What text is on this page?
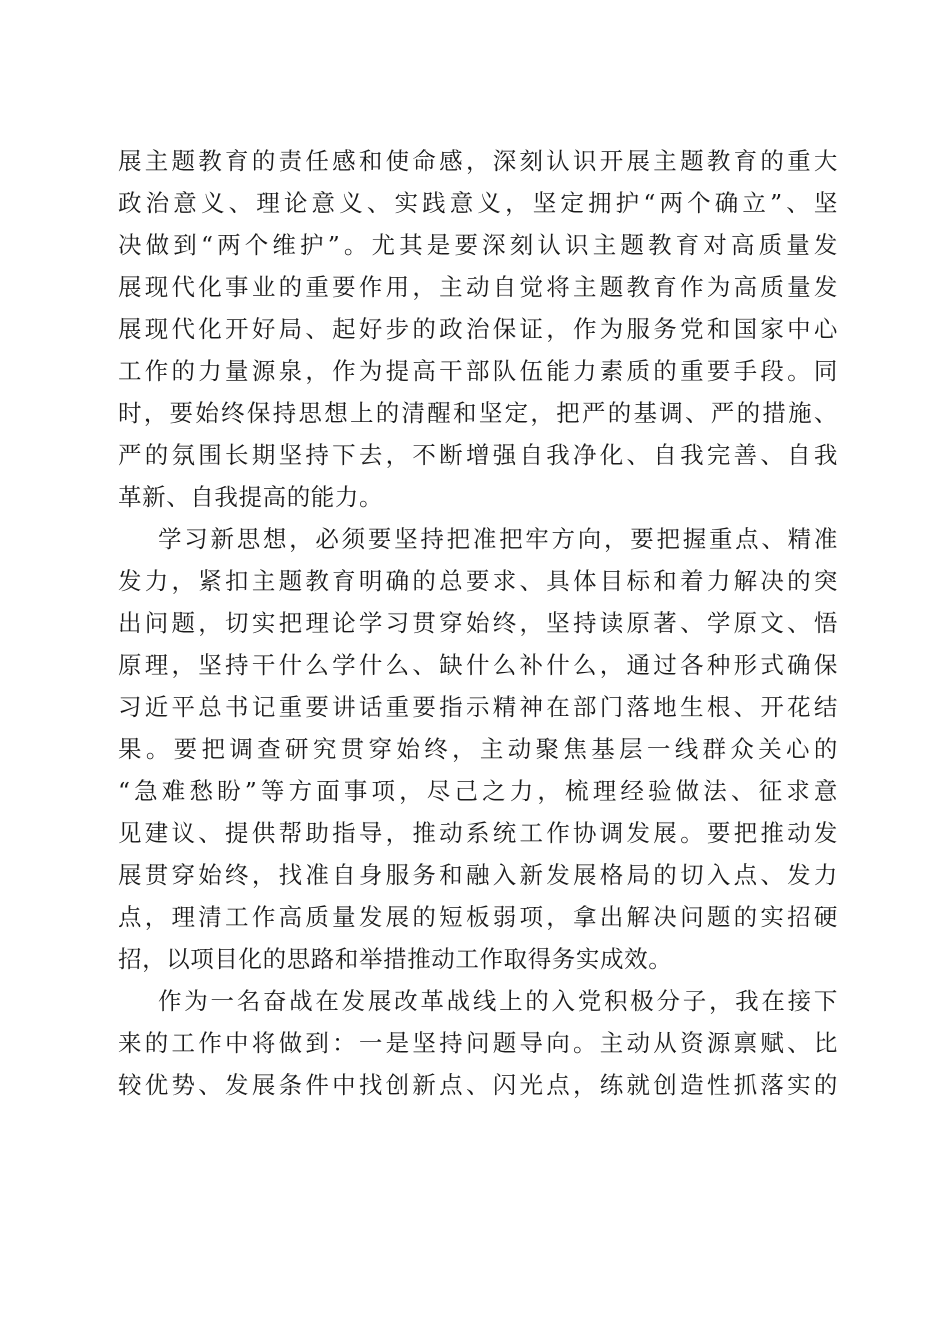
展主题教育的责任感和使命感，深刻认识开展主题教育的重大
政治意义、理论意义、实践意义，坚定拥护“两个确立”、坚
决做到“两个维护”。尤其是要深刻认识主题教育对高质量发
展现代化事业的重要作用，主动自觉将主题教育作为高质量发
展现代化开好局、起好步的政治保证，作为服务党和国家中心
工作的力量源泉，作为提高干部队伍能力素质的重要手段。同
时，要始终保持思想上的清醒和坚定，把严的基调、严的措施、
严的氛围长期坚持下去，不断增强自我净化、自我完善、自我
革新、自我提高的能力。
学习新思想，必须要坚持把准把牢方向，要把握重点、精准
发力，紧扣主题教育明确的总要求、具体目标和着力解决的突
出问题，切实把理论学习贯穿始终，坚持读原著、学原文、悟
原理，坚持干什么学什么、缺什么补什么，通过各种形式确保
习近平总书记重要讲话重要指示精神在部门落地生根、开花结
果。要把调查研究贯穿始终，主动聚焦基层一线群众关心的
“急难愁盼”等方面事项，尽己之力，梳理经验做法、征求意
见建议、提供帮助指导，推动系统工作协调发展。要把推动发
展贯穿始终，找准自身服务和融入新发展格局的切入点、发力
点，理清工作高质量发展的短板弱项，拿出解决问题的实招硬
招，以项目化的思路和举措推动工作取得务实成效。
作为一名奋战在发展改革战线上的入党积极分子，我在接下
来的工作中将做到：一是坚持问题导向。主动从资源禀赋、比
较优势、发展条件中找创新点、闪光点，练就创造性抓落实的
